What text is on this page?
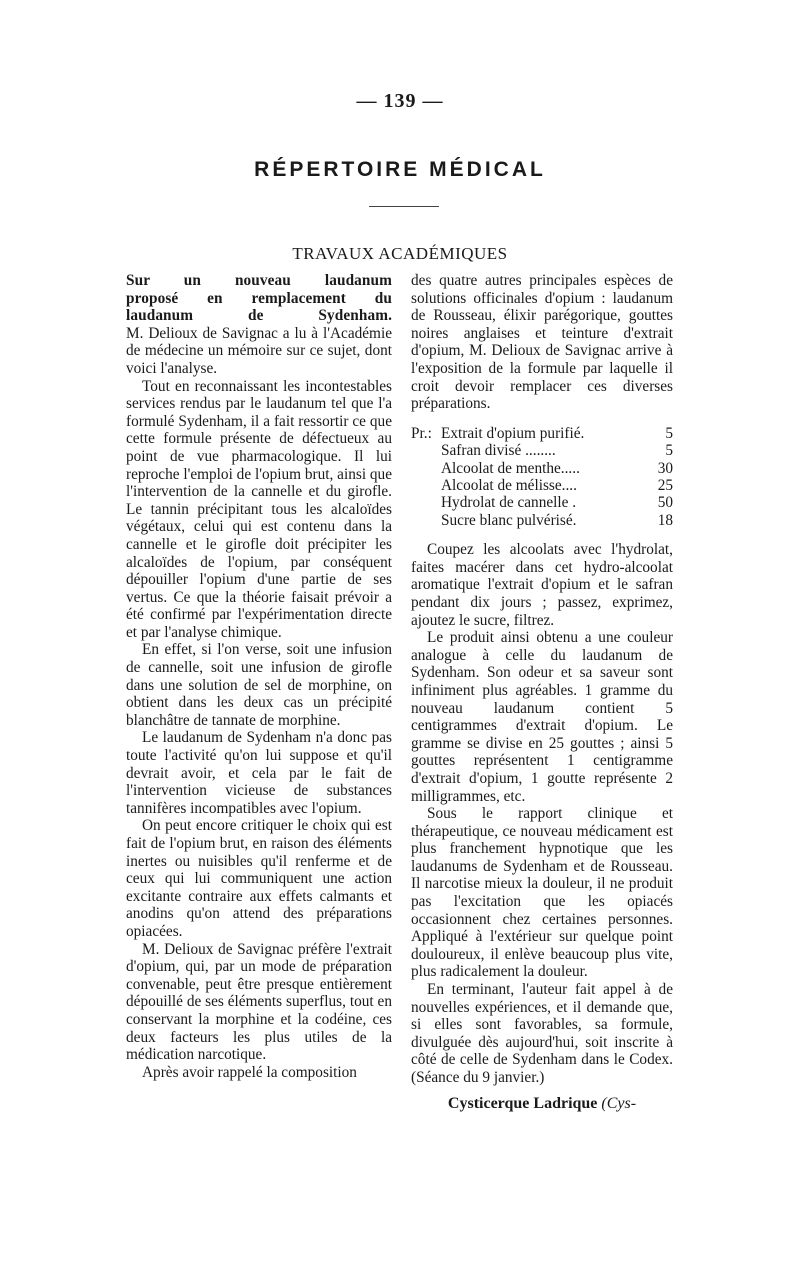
— 139 —
RÉPERTOIRE MÉDICAL
TRAVAUX ACADÉMIQUES
Sur un nouveau laudanum
proposé en remplacement du
laudanum de Sydenham.

M. Delioux de Savignac a lu à l'Académie de médecine un mémoire sur ce sujet, dont voici l'analyse.

Tout en reconnaissant les incontestables services rendus par le laudanum tel que l'a formulé Sydenham, il a fait ressortir ce que cette formule présente de défectueux au point de vue pharmacologique. Il lui reproche l'emploi de l'opium brut, ainsi que l'intervention de la cannelle et du girofle. Le tannin précipitant tous les alcaloïdes végétaux, celui qui est contenu dans la cannelle et le girofle doit précipiter les alcaloïdes de l'opium, par conséquent dépouiller l'opium d'une partie de ses vertus. Ce que la théorie faisait prévoir a été confirmé par l'expérimentation directe et par l'analyse chimique.

En effet, si l'on verse, soit une infusion de cannelle, soit une infusion de girofle dans une solution de sel de morphine, on obtient dans les deux cas un précipité blanchâtre de tannate de morphine.

Le laudanum de Sydenham n'a donc pas toute l'activité qu'on lui suppose et qu'il devrait avoir, et cela par le fait de l'intervention vicieuse de substances tannifères incompatibles avec l'opium.

On peut encore critiquer le choix qui est fait de l'opium brut, en raison des éléments inertes ou nuisibles qu'il renferme et de ceux qui lui communiquent une action excitante contraire aux effets calmants et anodins qu'on attend des préparations opiacées.

M. Delioux de Savignac préfère l'extrait d'opium, qui, par un mode de préparation convenable, peut être presque entièrement dépouillé de ses éléments superflus, tout en conservant la morphine et la codéine, ces deux facteurs les plus utiles de la médication narcotique.

Après avoir rappelé la composition

des quatre autres principales espèces de solutions officinales d'opium : laudanum de Rousseau, élixir parégorique, gouttes noires anglaises et teinture d'extrait d'opium, M. Delioux de Savignac arrive à l'exposition de la formule par laquelle il croit devoir remplacer ces diverses préparations.

Pr.: Extrait d'opium purifié.	5
Safran divisé ........	5
Alcoolat de menthe.....	30
Alcoolat de mélisse....	25
Hydrolat de cannelle .	50
Sucre blanc pulvérisé.	18

Coupez les alcoolats avec l'hydrolat, faites macérer dans cet hydro-alcoolat aromatique l'extrait d'opium et le safran pendant dix jours ; passez, exprimez, ajoutez le sucre, filtrez.

Le produit ainsi obtenu a une couleur analogue à celle du laudanum de Sydenham. Son odeur et sa saveur sont infiniment plus agréables. 1 gramme du nouveau laudanum contient 5 centigrammes d'extrait d'opium. Le gramme se divise en 25 gouttes ; ainsi 5 gouttes représentent 1 centigramme d'extrait d'opium, 1 goutte représente 2 milligrammes, etc.

Sous le rapport clinique et thérapeutique, ce nouveau médicament est plus franchement hypnotique que les laudanums de Sydenham et de Rousseau. Il narcotise mieux la douleur, il ne produit pas l'excitation que les opiacés occasionnent chez certaines personnes. Appliqué à l'extérieur sur quelque point douloureux, il enlève beaucoup plus vite, plus radicalement la douleur.

En terminant, l'auteur fait appel à de nouvelles expériences, et il demande que, si elles sont favorables, sa formule, divulguée dès aujourd'hui, soit inscrite à côté de celle de Sydenham dans le Codex. (Séance du 9 janvier.)

Cysticerque Ladrique (Cys-
